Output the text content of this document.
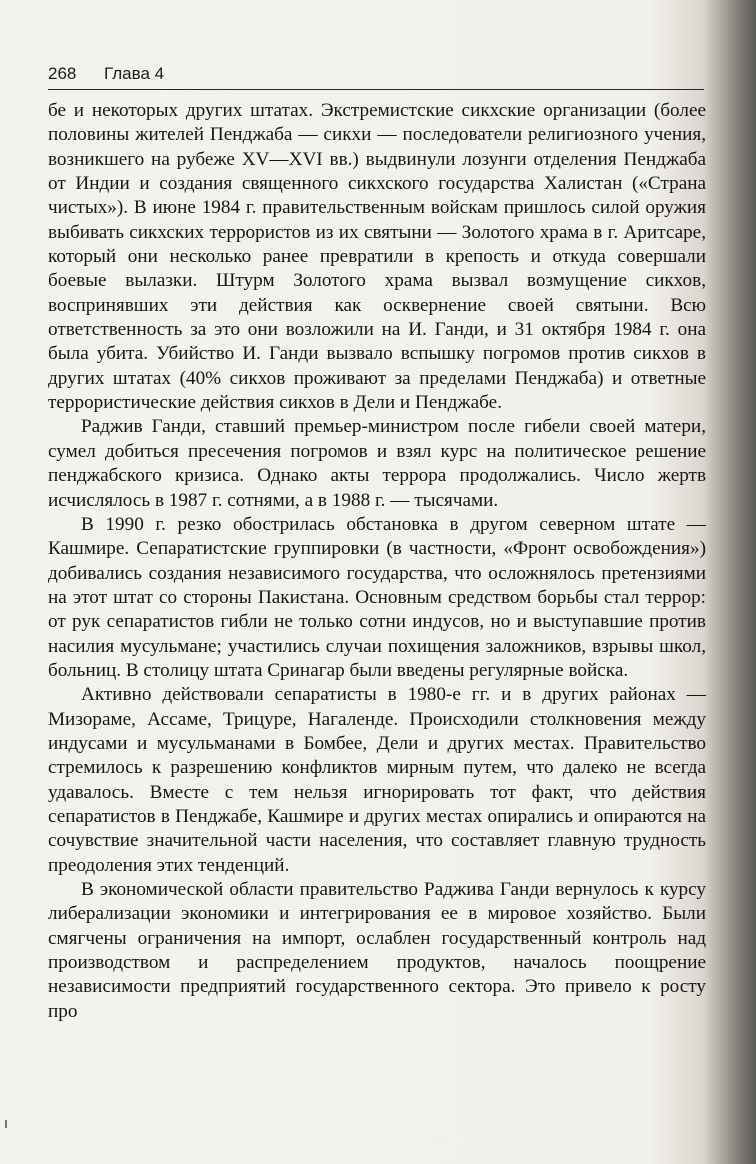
268 Глава 4

бе и некоторых других штатах. Экстремистские сикхские организации (более половины жителей Пенджаба — сикхи — последователи религиозного учения, возникшего на рубеже XV—XVI вв.) выдвинули лозунги отделения Пенджаба от Индии и создания священного сикхского государства Халистан («Страна чистых»). В июне 1984 г. правительственным войскам пришлось силой оружия выбивать сикхских террористов из их святыни — Золотого храма в г. Аритсаре, который они несколько ранее превратили в крепость и откуда совершали боевые вылазки. Штурм Золотого храма вызвал возмущение сикхов, воспринявших эти действия как осквернение своей святыни. Всю ответственность за это они возложили на И. Ганди, и 31 октября 1984 г. она была убита. Убийство И. Ганди вызвало вспышку погромов против сикхов в других штатах (40% сикхов проживают за пределами Пенджаба) и ответные террористические действия сикхов в Дели и Пенджабе.

Раджив Ганди, ставший премьер-министром после гибели своей матери, сумел добиться пресечения погромов и взял курс на политическое решение пенджабского кризиса. Однако акты террора продолжались. Число жертв исчислялось в 1987 г. сотнями, а в 1988 г. — тысячами.

В 1990 г. резко обострилась обстановка в другом северном штате — Кашмире. Сепаратистские группировки (в частности, «Фронт освобождения») добивались создания независимого государства, что осложнялось претензиями на этот штат со стороны Пакистана. Основным средством борьбы стал террор: от рук сепаратистов гибли не только сотни индусов, но и выступавшие против насилия мусульмане; участились случаи похищения заложников, взрывы школ, больниц. В столицу штата Сринагар были введены регулярные войска.

Активно действовали сепаратисты в 1980-е гг. и в других районах — Мизораме, Ассаме, Трицуре, Нагаленде. Происходили столкновения между индусами и мусульманами в Бомбее, Дели и других местах. Правительство стремилось к разрешению конфликтов мирным путем, что далеко не всегда удавалось. Вместе с тем нельзя игнорировать тот факт, что действия сепаратистов в Пенджабе, Кашмире и других местах опирались и опираются на сочувствие значительной части населения, что составляет главную трудность преодоления этих тенденций.

В экономической области правительство Раджива Ганди вернулось к курсу либерализации экономики и интегрирования ее в мировое хозяйство. Были смягчены ограничения на импорт, ослаблен государственный контроль над производством и распределением продуктов, началось поощрение независимости предприятий государственного сектора. Это привело к росту про
